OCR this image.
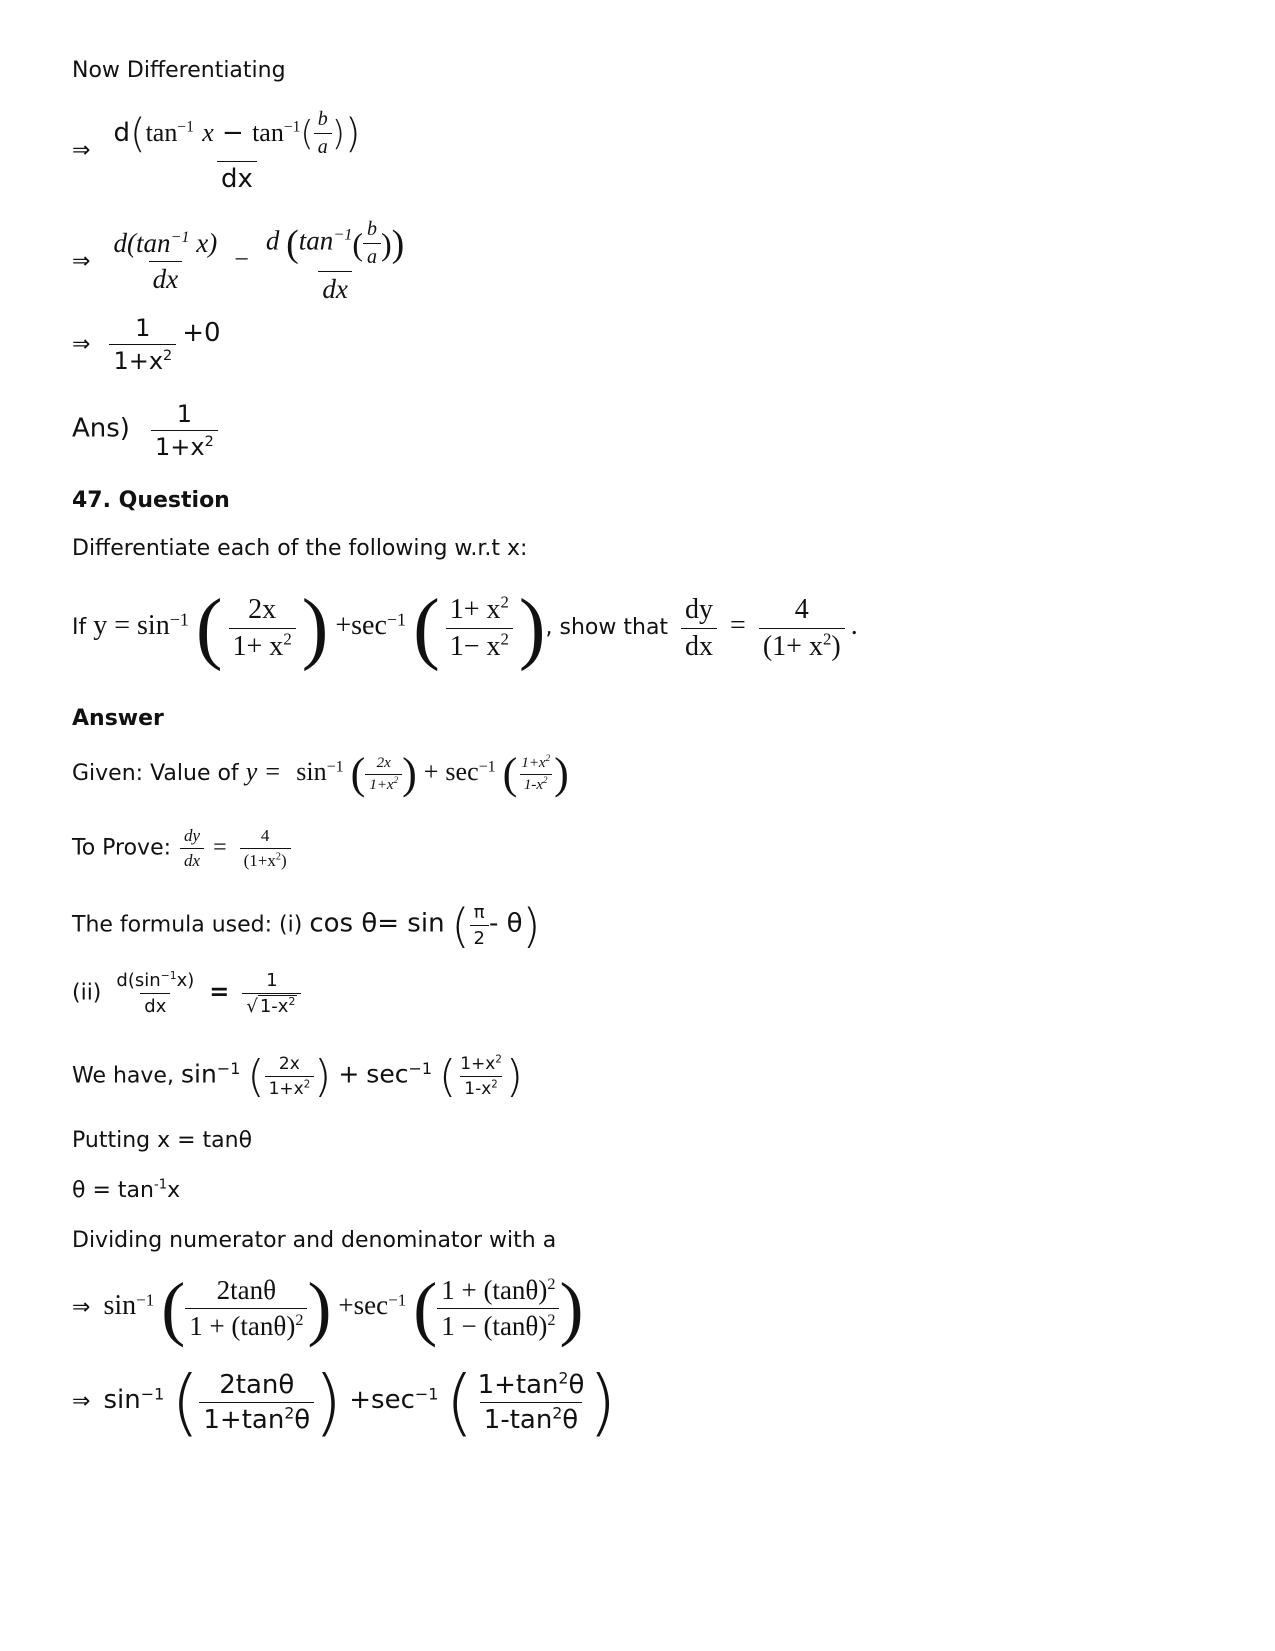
Now Differentiating
⇒ $\frac{d(\tan^{-1} x - \tan^{-1}( \frac{b}{a} ))}{dx}$
⇒ $\frac{d(\tan^{-1} x)}{dx} - \frac{d (\tan^{-1}( \frac{b}{a} ))}{dx}$
⇒ $\frac{1}{1+x^2} +0$
$Ans) \frac{1}{1+x^2}$
47. Question
Differentiate each of the following w.r.t x:
If $y = \sin^{-1}$ ( $\frac{2x}{1+ x^2}$ ) $+\sec^{-1}$ ( $\frac{1+ x^2}{1- x^2}$ ), show that $\frac{dy}{dx} = \frac{4}{(1+ x^2)}$ .
Answer
Given: Value of $y = \sin^{-1}$ ( $\frac{2x}{1+x^2}$ ) + $\sec^{-1}$ ( $\frac{1+x^2}{1-x^2}$ )
To Prove: $\frac{dy}{dx} = \frac{4}{(1+x^2)}$
The formula used: (i) cos θ= sin ( $\frac{\pi}{2} - \theta$)
$(ii) \frac{d(\sin^{-1}x)}{dx} = \frac{1}{√ 1-x^2}$
We have, $\sin^{-1}$ ( $\frac{2x}{1+x^2}$ ) + $\sec^{-1}$ ( $\frac{1+x^2}{1-x^2}$ )
Putting x = tanθ
$\theta = \tan^{-1}x$
Dividing numerator and denominator with a
⇒ $\sin^{-1}$ ( $\frac{2\tan\theta}{1 + (\tan\theta)^2}$ ) $+\sec^{-1}$ ( $\frac{1 + (\tan\theta)^2}{1 - (\tan\theta)^2}$ )
⇒ $\sin^{-1}$ ( $\frac{2\tan\theta}{1+\tan^2\theta}$ ) $+\sec^{-1}$ ( $\frac{1+\tan^2\theta}{1-\tan^2\theta}$ )
